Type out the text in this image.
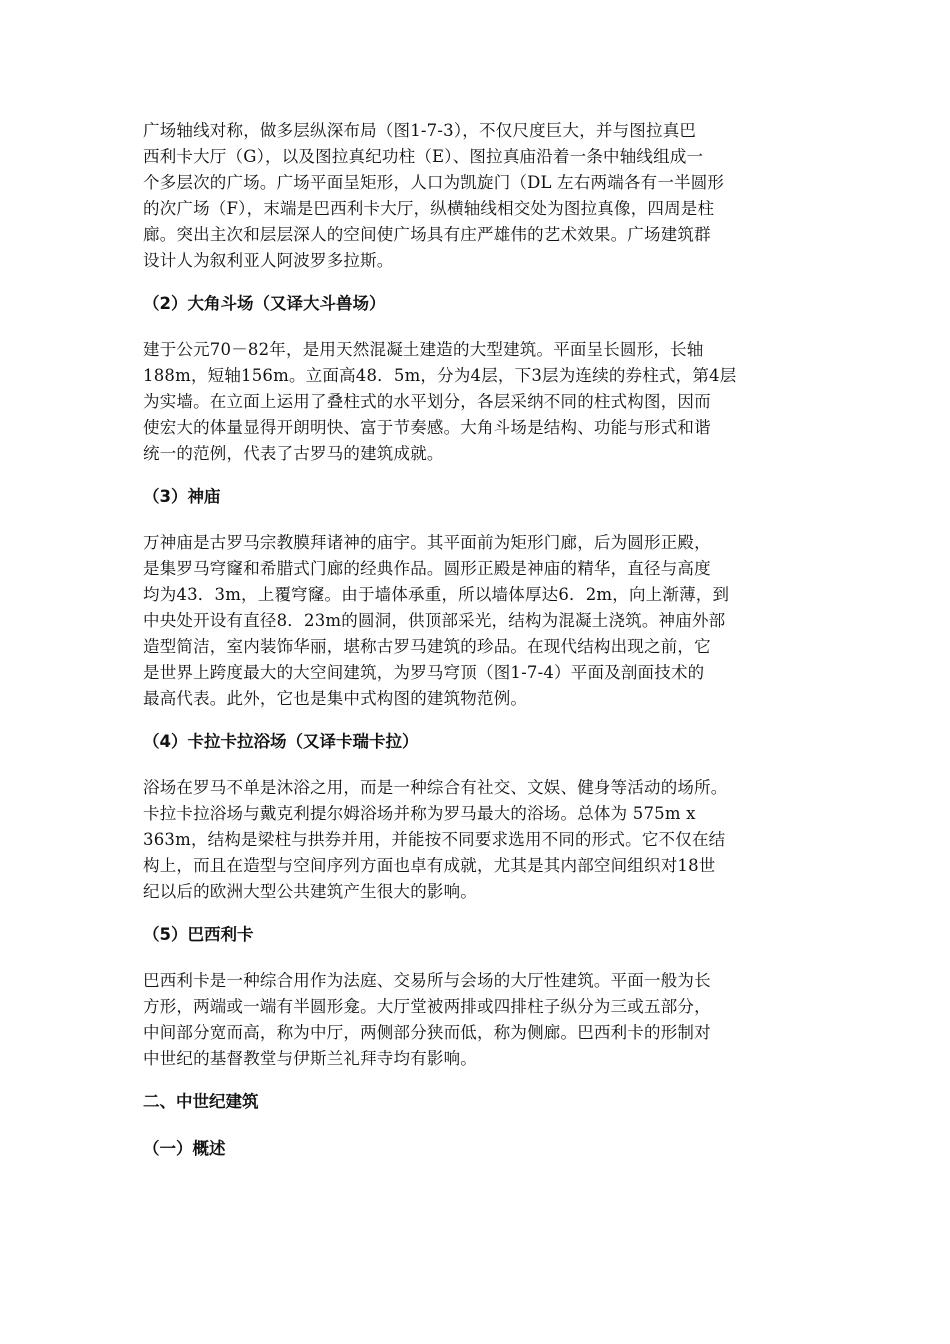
广场轴线对称，做多层纵深布局（图1-7-3），不仅尺度巨大，并与图拉真巴
西利卡大厅（G），以及图拉真纪功柱（E）、图拉真庙沿着一条中轴线组成一
个多层次的广场。广场平面呈矩形，人口为凯旋门（DL 左右两端各有一半圆形
的次广场（F），末端是巴西利卡大厅，纵横轴线相交处为图拉真像，四周是柱
廊。突出主次和层层深人的空间使广场具有庄严雄伟的艺术效果。广场建筑群
设计人为叙利亚人阿波罗多拉斯。
（2）大角斗场（又译大斗兽场）
建于公元70－82年，是用天然混凝土建造的大型建筑。平面呈长圆形，长轴
188m，短轴156m。立面高48．5m，分为4层，下3层为连续的券柱式，第4层
为实墙。在立面上运用了叠柱式的水平划分，各层采纳不同的柱式构图，因而
使宏大的体量显得开朗明快、富于节奏感。大角斗场是结构、功能与形式和谐
统一的范例，代表了古罗马的建筑成就。
（3）神庙
万神庙是古罗马宗教膜拜诸神的庙宇。其平面前为矩形门廊，后为圆形正殿，
是集罗马穹窿和希腊式门廊的经典作品。圆形正殿是神庙的精华，直径与高度
均为43．3m，上覆穹窿。由于墙体承重，所以墙体厚达6．2m，向上渐薄，到
中央处开设有直径8．23m的圆洞，供顶部采光，结构为混凝土浇筑。神庙外部
造型简洁，室内装饰华丽，堪称古罗马建筑的珍品。在现代结构出现之前，它
是世界上跨度最大的大空间建筑，为罗马穹顶（图1-7-4）平面及剖面技术的
最高代表。此外，它也是集中式构图的建筑物范例。
（4）卡拉卡拉浴场（又译卡瑞卡拉）
浴场在罗马不单是沐浴之用，而是一种综合有社交、文娱、健身等活动的场所。
卡拉卡拉浴场与戴克利提尔姆浴场并称为罗马最大的浴场。总体为 575m x
363m，结构是梁柱与拱券并用，并能按不同要求选用不同的形式。它不仅在结
构上，而且在造型与空间序列方面也卓有成就，尤其是其内部空间组织对18世
纪以后的欧洲大型公共建筑产生很大的影响。
（5）巴西利卡
巴西利卡是一种综合用作为法庭、交易所与会场的大厅性建筑。平面一般为长
方形，两端或一端有半圆形龛。大厅堂被两排或四排柱子纵分为三或五部分，
中间部分宽而高，称为中厅，两侧部分狭而低，称为侧廊。巴西利卡的形制对
中世纪的基督教堂与伊斯兰礼拜寺均有影响。
二、中世纪建筑
（一）概述
